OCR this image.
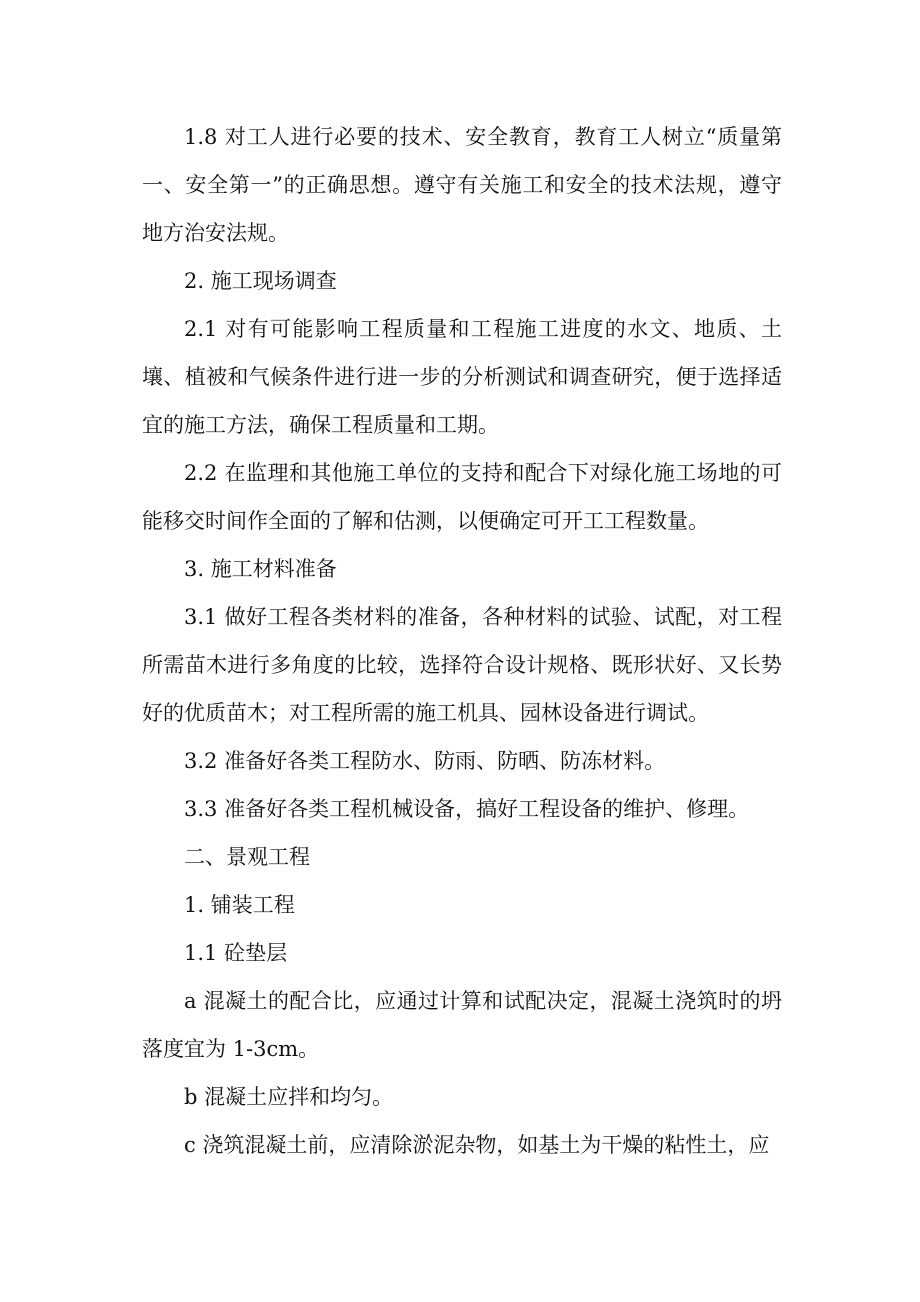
1.8 对工人进行必要的技术、安全教育，教育工人树立“质量第一、安全第一”的正确思想。遵守有关施工和安全的技术法规，遵守地方治安法规。

2. 施工现场调查

2.1 对有可能影响工程质量和工程施工进度的水文、地质、土壤、植被和气候条件进行进一步的分析测试和调查研究，便于选择适宜的施工方法，确保工程质量和工期。

2.2 在监理和其他施工单位的支持和配合下对绿化施工场地的可能移交时间作全面的了解和估测，以便确定可开工工程数量。

3. 施工材料准备

3.1 做好工程各类材料的准备，各种材料的试验、试配，对工程所需苗木进行多角度的比较，选择符合设计规格、既形状好、又长势好的优质苗木；对工程所需的施工机具、园林设备进行调试。

3.2 准备好各类工程防水、防雨、防晒、防冻材料。

3.3 准备好各类工程机械设备，搞好工程设备的维护、修理。

二、景观工程

1. 铺装工程

1.1 砼垫层

a 混凝土的配合比，应通过计算和试配决定，混凝土浇筑时的坍落度宜为 1-3cm。

b 混凝土应拌和均匀。

c 浇筑混凝土前，应清除淤泥杂物，如基土为干燥的粘性土，应
